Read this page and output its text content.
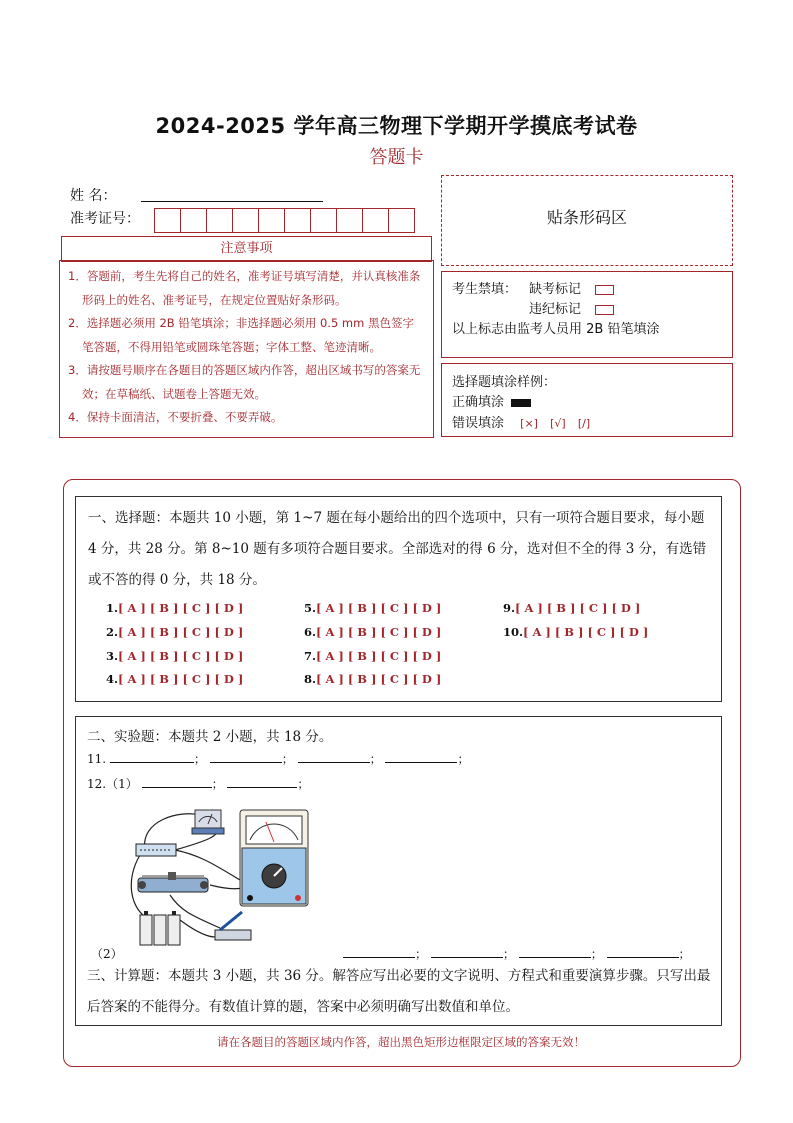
2024-2025 学年高三物理下学期开学摸底考试卷
答题卡
姓 名：
准考证号：	贴条形码区
注意事项
1．答题前，考生先将自己的姓名，准考证号填写清楚，并认真核准条形码上的姓名、准考证号，在规定位置贴好条形码。
2．选择题必须用 2B 铅笔填涂；非选择题必须用 0.5 mm 黑色签字笔答题，不得用铅笔或圆珠笔答题；字体工整、笔迹清晰。
3．请按题号顺序在各题目的答题区域内作答，超出区域书写的答案无效；在草稿纸、试题卷上答题无效。
4．保持卡面清洁，不要折叠、不要弄破。
考生禁填： 缺考标记
违纪标记
以上标志由监考人员用 2B 铅笔填涂
选择题填涂样例：
正确填涂
错误填涂 [×] [√] [∕]
一、选择题：本题共 10 小题，第 1~7 题在每小题给出的四个选项中，只有一项符合题目要求，每小题 4 分，共 28 分。第 8~10 题有多项符合题目要求。全部选对的得 6 分，选对但不全的得 3 分，有选错或不答的得 0 分，共 18 分。
1.[ A ] [ B ] [ C ] [ D ]
2.[ A ] [ B ] [ C ] [ D ]
3.[ A ] [ B ] [ C ] [ D ]
4.[ A ] [ B ] [ C ] [ D ]
5.[ A ] [ B ] [ C ] [ D ]
6.[ A ] [ B ] [ C ] [ D ]
7.[ A ] [ B ] [ C ] [ D ]
8.[ A ] [ B ] [ C ] [ D ]
9.[ A ] [ B ] [ C ] [ D ]
10.[ A ] [ B ] [ C ] [ D ]
二、实验题：本题共 2 小题，共 18 分。
11.	；	；	；	；
12.（1）	；	；
（2）	；	；	；	；
三、计算题：本题共 3 小题，共 36 分。解答应写出必要的文字说明、方程式和重要演算步骤。只写出最后答案的不能得分。有数值计算的题，答案中必须明确写出数值和单位。
请在各题目的答题区域内作答，超出黑色矩形边框限定区域的答案无效！
